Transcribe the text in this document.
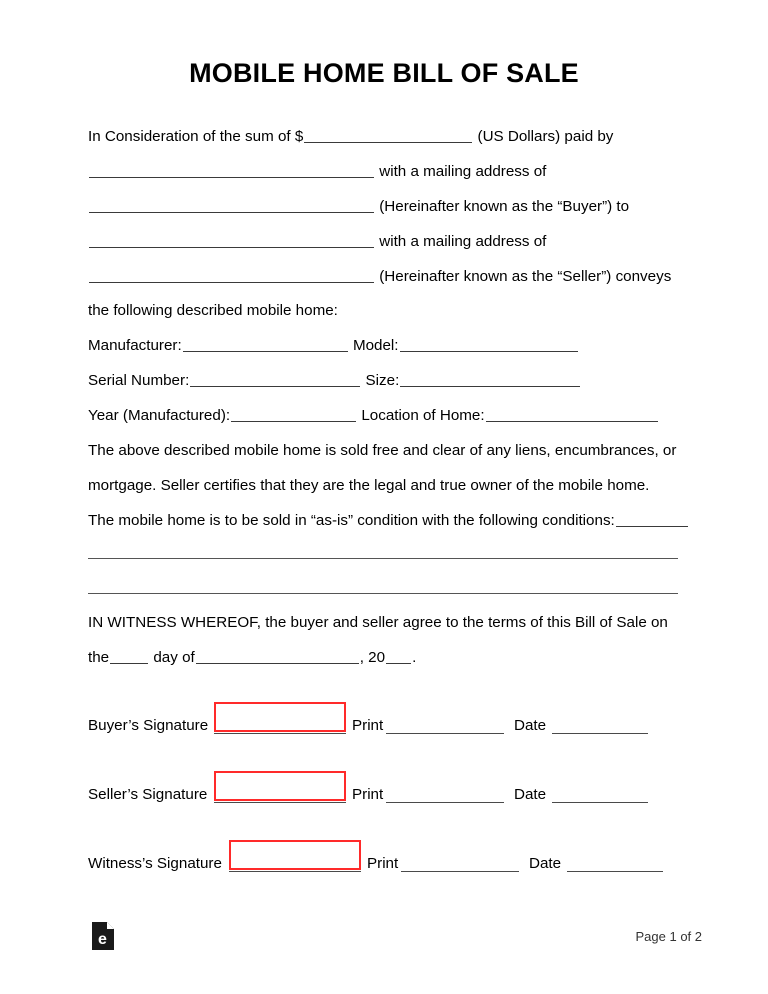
MOBILE HOME BILL OF SALE
In Consideration of the sum of $	(US Dollars) paid by
with a mailing address of
(Hereinafter known as the “Buyer”) to
with a mailing address of
(Hereinafter known as the “Seller”) conveys
the following described mobile home:
Manufacturer:	Model:
Serial Number:	Size:
Year (Manufactured):	Location of Home:
The above described mobile home is sold free and clear of any liens, encumbrances, or
mortgage. Seller certifies that they are the legal and true owner of the mobile home.
The mobile home is to be sold in “as-is” condition with the following conditions:
IN WITNESS WHEREOF, the buyer and seller agree to the terms of this Bill of Sale on
the	day of	, 20 .
Buyer’s Signature	Print	Date
Seller’s Signature	Print	Date
Witness’s Signature	Print	Date
e	Page 1 of 2
